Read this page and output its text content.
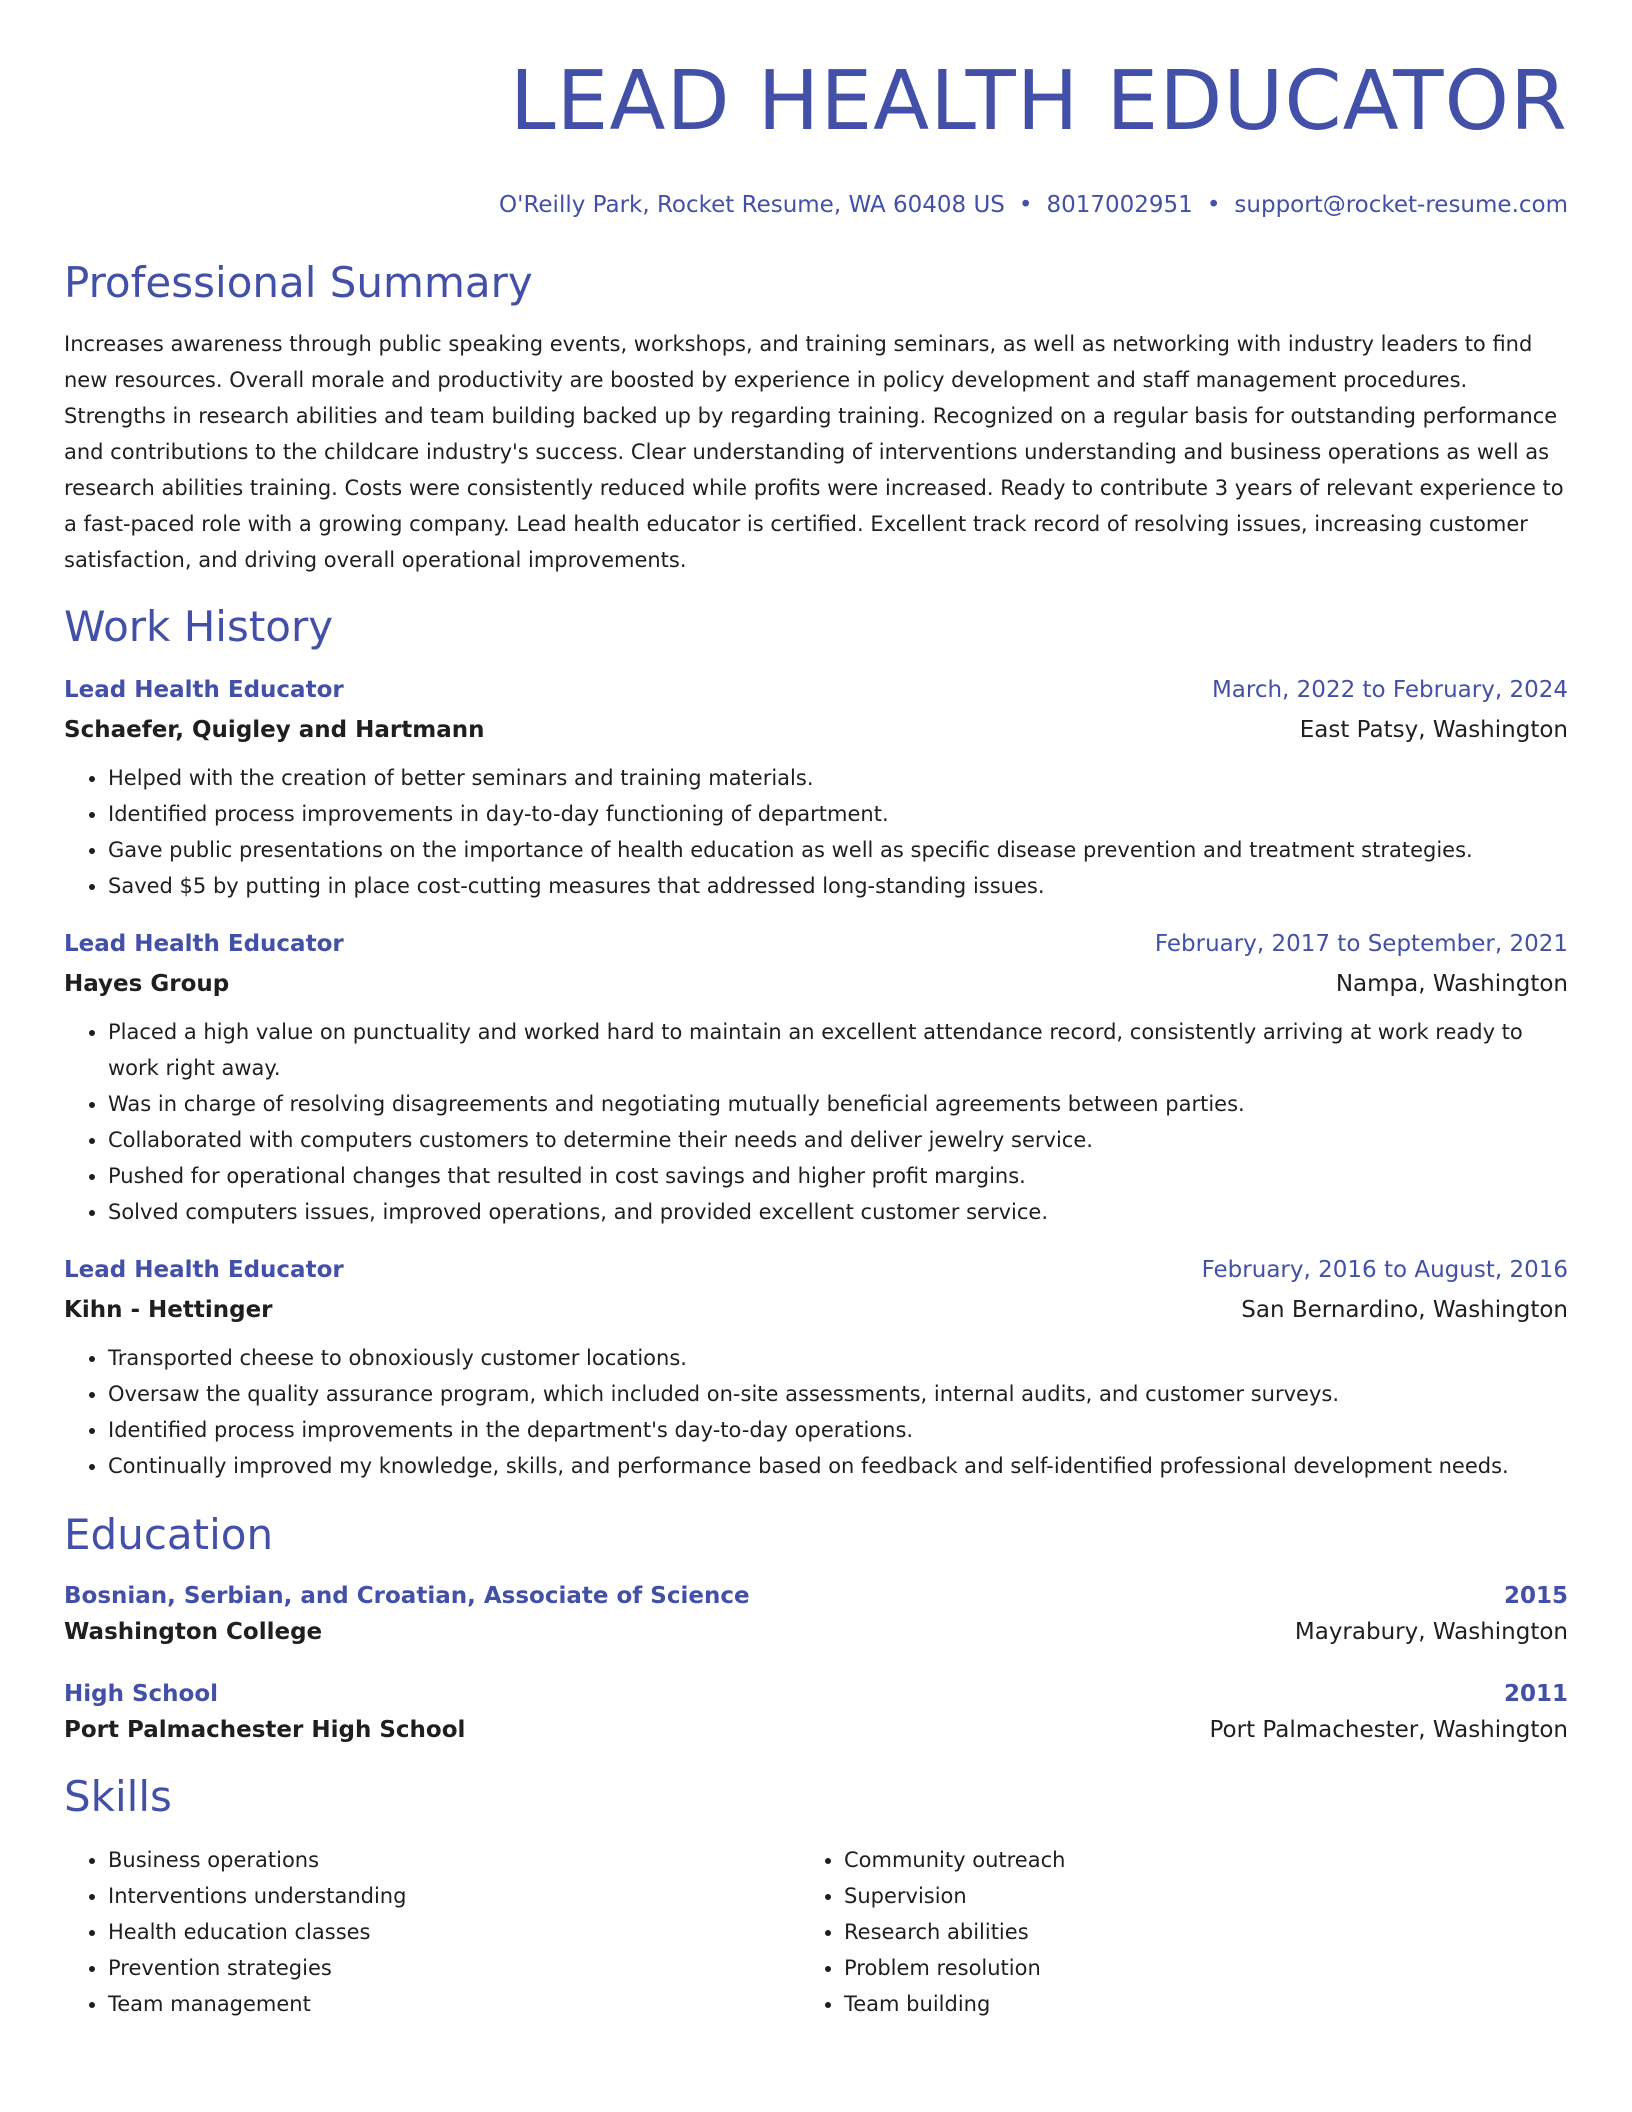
LEAD HEALTH EDUCATOR
O'Reilly Park, Rocket Resume, WA 60408 US • 8017002951 • support@rocket-resume.com
Professional Summary

Increases awareness through public speaking events, workshops, and training seminars, as well as networking with industry leaders to find new resources. Overall morale and productivity are boosted by experience in policy development and staff management procedures. Strengths in research abilities and team building backed up by regarding training. Recognized on a regular basis for outstanding performance and contributions to the childcare industry's success. Clear understanding of interventions understanding and business operations as well as research abilities training. Costs were consistently reduced while profits were increased. Ready to contribute 3 years of relevant experience to a fast-paced role with a growing company. Lead health educator is certified. Excellent track record of resolving issues, increasing customer satisfaction, and driving overall operational improvements.

Work History
Lead Health Educator	March, 2022 to February, 2024
Schaefer, Quigley and Hartmann	East Patsy, Washington
• Helped with the creation of better seminars and training materials.
• Identified process improvements in day-to-day functioning of department.
• Gave public presentations on the importance of health education as well as specific disease prevention and treatment strategies.
• Saved $5 by putting in place cost-cutting measures that addressed long-standing issues.
Lead Health Educator	February, 2017 to September, 2021
Hayes Group	Nampa, Washington
• Placed a high value on punctuality and worked hard to maintain an excellent attendance record, consistently arriving at work ready to work right away.
• Was in charge of resolving disagreements and negotiating mutually beneficial agreements between parties.
• Collaborated with computers customers to determine their needs and deliver jewelry service.
• Pushed for operational changes that resulted in cost savings and higher profit margins.
• Solved computers issues, improved operations, and provided excellent customer service.
Lead Health Educator	February, 2016 to August, 2016
Kihn - Hettinger	San Bernardino, Washington
• Transported cheese to obnoxiously customer locations.
• Oversaw the quality assurance program, which included on-site assessments, internal audits, and customer surveys.
• Identified process improvements in the department's day-to-day operations.
• Continually improved my knowledge, skills, and performance based on feedback and self-identified professional development needs.
Education
Bosnian, Serbian, and Croatian, Associate of Science	2015
Washington College	Mayrabury, Washington
High School	2011
Port Palmachester High School	Port Palmachester, Washington
Skills
• Business operations
• Interventions understanding
• Health education classes
• Prevention strategies
• Team management
• Community outreach
• Supervision
• Research abilities
• Problem resolution
• Team building
